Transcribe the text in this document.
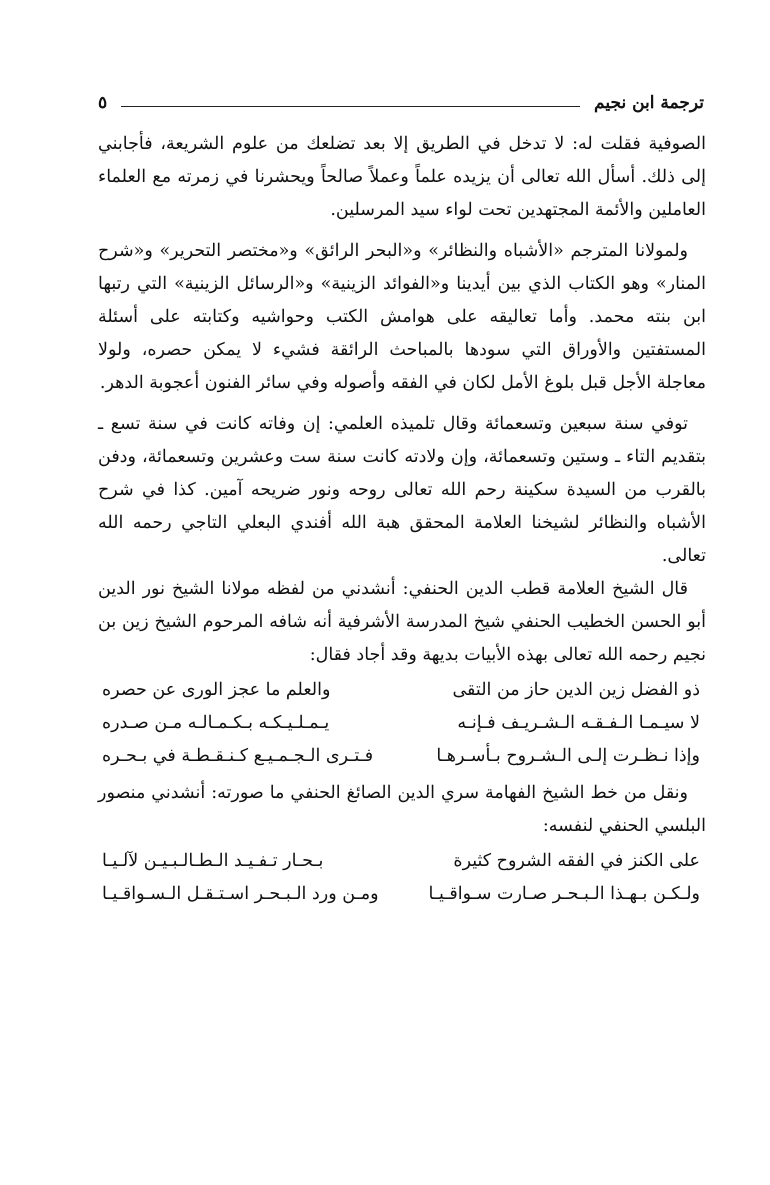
ترجمة ابن نجيم
٥

الصوفية فقلت له: لا تدخل في الطريق إلا بعد تضلعك من علوم الشريعة، فأجابني إلى ذلك. أسأل الله تعالى أن يزيده علماً وعملاً صالحاً ويحشرنا في زمرته مع العلماء العاملين والأئمة المجتهدين تحت لواء سيد المرسلين.

ولمولانا المترجم «الأشباه والنظائر» و«البحر الرائق» و«مختصر التحرير» و«شرح المنار» وهو الكتاب الذي بين أيدينا و«الفوائد الزينية» و«الرسائل الزينية» التي رتبها ابن بنته محمد. وأما تعاليقه على هوامش الكتب وحواشيه وكتابته على أسئلة المستفتين والأوراق التي سودها بالمباحث الرائقة فشيء لا يمكن حصره، ولولا معاجلة الأجل قبل بلوغ الأمل لكان في الفقه وأصوله وفي سائر الفنون أعجوبة الدهر.

توفي سنة سبعين وتسعمائة وقال تلميذه العلمي: إن وفاته كانت في سنة تسع ـ بتقديم التاء ـ وستين وتسعمائة، وإن ولادته كانت سنة ست وعشرين وتسعمائة، ودفن بالقرب من السيدة سكينة رحم الله تعالى روحه ونور ضريحه آمين. كذا في شرح الأشباه والنظائر لشيخنا العلامة المحقق هبة الله أفندي البعلي التاجي رحمه الله تعالى.

قال الشيخ العلامة قطب الدين الحنفي: أنشدني من لفظه مولانا الشيخ نور الدين أبو الحسن الخطيب الحنفي شيخ المدرسة الأشرفية أنه شافه المرحوم الشيخ زين بن نجيم رحمه الله تعالى بهذه الأبيات بديهة وقد أجاد فقال:

ذو الفضل زين الدين حاز من التقى
والعلم ما عجز الورى عن حصره
لا سيـمـا الـفـقـه الـشـريـف فـإنـه
يـمـلـيـكـه بـكـمـالـه مـن صـدره
وإذا نـظـرت إلـى الـشـروح بـأسـرهـا
فـتـرى الـجـمـيـع كـنـقـطـة في بـحـره

ونقل من خط الشيخ الفهامة سري الدين الصائغ الحنفي ما صورته: أنشدني منصور البلسي الحنفي لنفسه:

على الكنز في الفقه الشروح كثيرة
بـحـار تـفـيـد الـطـالـبـيـن لآلـيـا
ولـكـن بـهـذا الـبـحـر صـارت سـواقـيـا
ومـن ورد الـبـحـر اسـتـقـل الـسـواقـيـا
